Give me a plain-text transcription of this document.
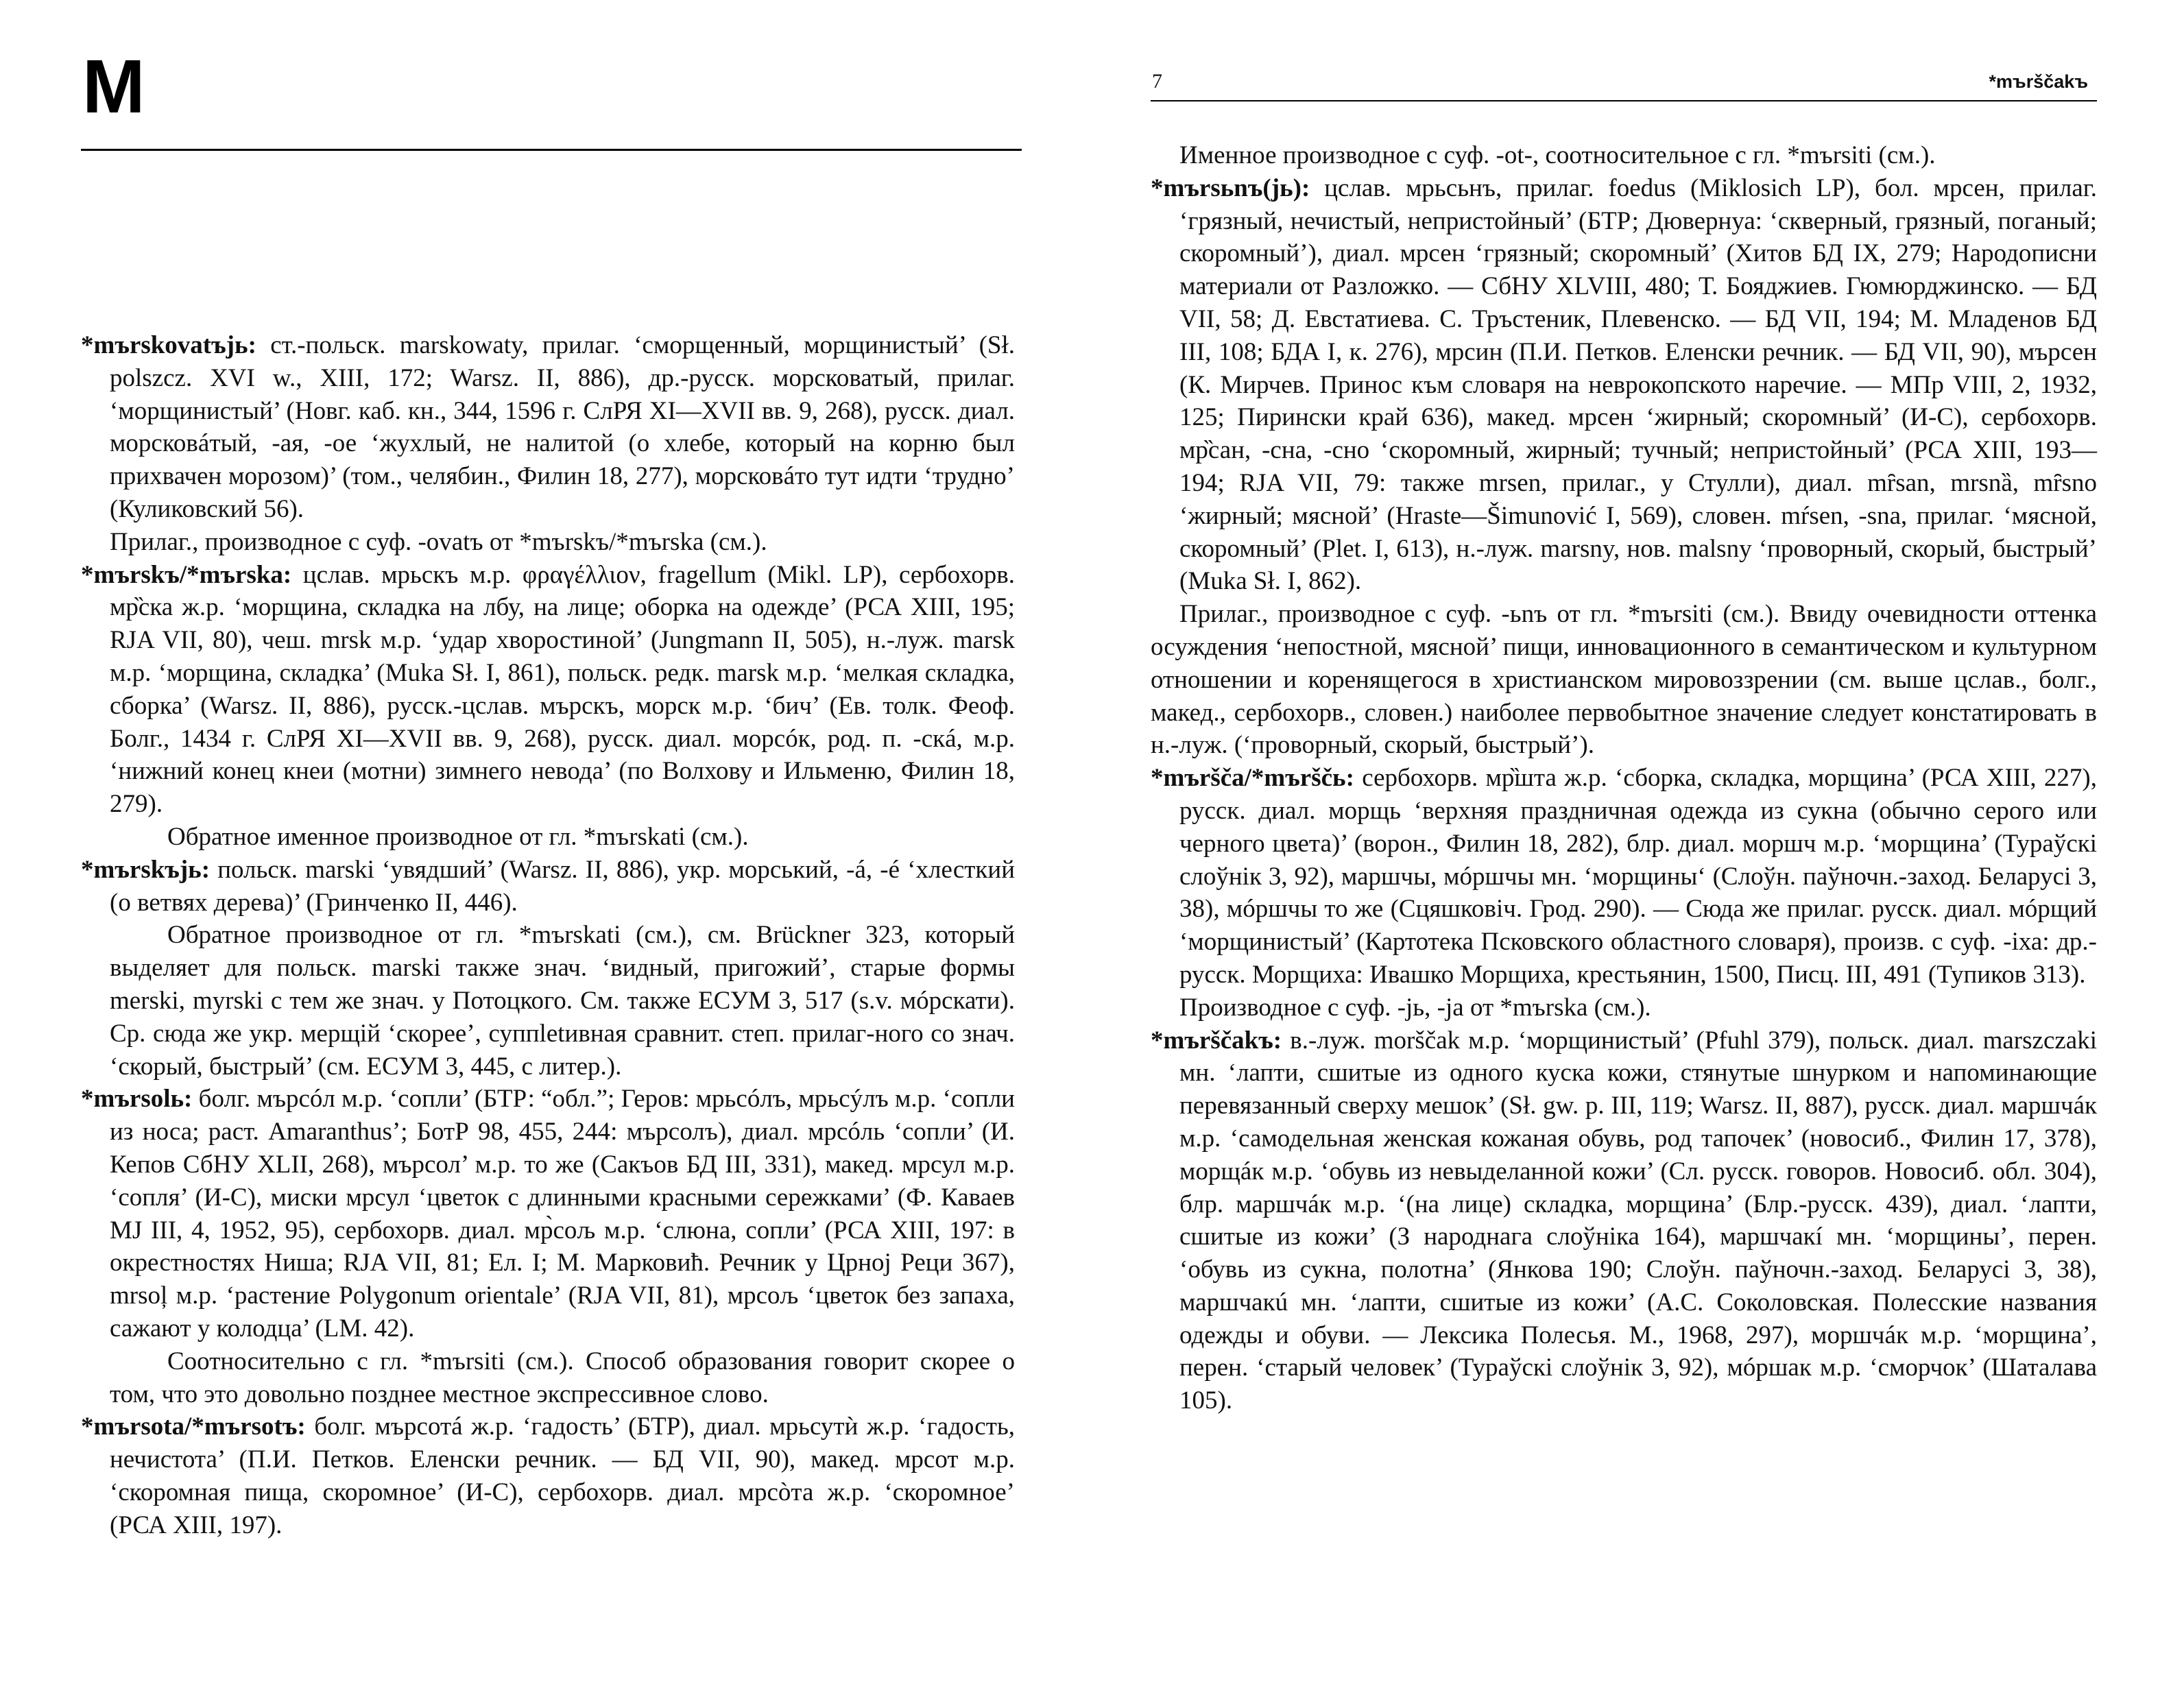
М

*mъrskovatъjь: ст.-польск. marskowaty, прилаг. ‘сморщенный, морщинистый’ (Sł. polszcz. XVI w., XIII, 172; Warsz. II, 886), др.-русск. морсковатый, прилаг. ‘морщинистый’ (Новг. каб. кн., 344, 1596 г. СлРЯ XI—XVII вв. 9, 268), русск. диал. морсковáтый, -ая, -ое ‘жухлый, не налитой (о хлебе, который на корню был прихвачен морозом)’ (том., челябин., Филин 18, 277), морсковáто тут идти ‘трудно’ (Куликовский 56).

Прилаг., производное с суф. -ovatъ от *mъrskъ/*mъrska (см.).

*mъrskъ/*mъrska: цслав. мрьскъ м.р. φραγέλλιον, fragellum (Mikl. LP), сербохорв. мр̏ска ж.р. ‘морщина, складка на лбу, на лице; оборка на одежде’ (РСА XIII, 195; RJA VII, 80), чеш. mrsk м.р. ‘удар хворостиной’ (Jungmann II, 505), н.-луж. marsk м.р. ‘морщина, складка’ (Muka Sł. I, 861), польск. редк. marsk м.р. ‘мелкая складка, сборка’ (Warsz. II, 886), русск.-цслав. мърскъ, морск м.р. ‘бич’ (Ев. толк. Феоф. Болг., 1434 г. СлРЯ XI—XVII вв. 9, 268), русск. диал. морсóк, род. п. -скá, м.р. ‘нижний конец кнеи (мотни) зимнего невода’ (по Волхову и Ильменю, Филин 18, 279).

Обратное именное производное от гл. *mъrskati (см.).

*mъrskъjь: польск. marski ‘увядший’ (Warsz. II, 886), укр. морський, -á, -é ‘хлесткий (о ветвях дерева)’ (Гринченко II, 446).

Обратное производное от гл. *mъrskati (см.), см. Brückner 323, который выделяет для польск. marski также знач. ‘видный, пригожий’, старые формы merski, myrski с тем же знач. у Потоцкого. См. также ЕСУМ 3, 517 (s.v. мóрскати). Ср. сюда же укр. мерщій ‘скорее’, суппletивная сравнит. степ. прилаг-ного со знач. ‘скорый, быстрый’ (см. ЕСУМ 3, 445, с литер.).

*mъrsolь: болг. мърсóл м.р. ‘сопли’ (БТР: “обл.”; Геров: мрьсóлъ, мрьсýлъ м.р. ‘сопли из носа; раст. Amaranthus’; БотР 98, 455, 244: мърсолъ), диал. мрсóль ‘сопли’ (И. Кепов СбНУ XLII, 268), мърсол’ м.р. то же (Сакъов БД III, 331), макед. мрсул м.р. ‘сопля’ (И-С), миски мрсул ‘цветок с длинными красными сережками’ (Ф. Каваев МЈ III, 4, 1952, 95), сербохорв. диал. мр̀сољ м.р. ‘слюна, сопли’ (РСА XIII, 197: в окрестностях Ниша; RJA VII, 81; Ел. I; М. Марковиħ. Речник у Црноj Реци 367), mrsoļ м.р. ‘растение Polygonum orientale’ (RJA VII, 81), мрсољ ‘цветок без запаха, сажают у колодца’ (LM. 42).

Соотносительно с гл. *mъrsiti (см.). Способ образования говорит скорее о том, что это довольно позднее местное экспрессивное слово.

*mъrsota/*mъrsotъ: болг. мърсотá ж.р. ‘гадость’ (БТР), диал. мрьсутѝ ж.р. ‘гадость, нечистота’ (П.И. Петков. Еленски речник. — БД VII, 90), макед. мрсот м.р. ‘скоромная пища, скоромное’ (И-С), сербохорв. диал. мрсòта ж.р. ‘скоромное’ (РСА XIII, 197).

7	*mъrščakъ

Именное производное с суф. -ot-, соотносительное с гл. *mъrsiti (см.).

*mъrsьnъ(jь): цслав. мрьсьнъ, прилаг. foedus (Miklosich LP), бол. мрсен, прилаг. ‘грязный, нечистый, непристойный’ (БТР; Дювернуа: ‘скверный, грязный, поганый; скоромный’), диал. мрсен ‘грязный; скоромный’ (Хитов БД IX, 279; Народописни материали от Разложко. — СбНУ XLVIII, 480; Т. Бояджиев. Гюмюрджинско. — БД VII, 58; Д. Евстатиева. С. Тръстеник, Плевенско. — БД VII, 194; М. Младенов БД III, 108; БДА I, к. 276), мрсин (П.И. Петков. Еленски речник. — БД VII, 90), мърсен (К. Мирчев. Принос към словаря на неврокопското наречие. — МПр VIII, 2, 1932, 125; Пирински край 636), макед. мрсен ‘жирный; скоромный’ (И-С), сербохорв. мр̏сан, -сна, -сно ‘скоромный, жирный; тучный; непристойный’ (РСА XIII, 193—194; RJA VII, 79: также mrsen, прилаг., у Стулли), диал. mȓsan, mrsnȁ, mȓsno ‘жирный; мясной’ (Hraste—Šimunović I, 569), словен. mŕsen, -sna, прилаг. ‘мясной, скоромный’ (Plet. I, 613), н.-луж. marsny, нов. malsny ‘проворный, скорый, быстрый’ (Muka Sł. I, 862).

Прилаг., производное с суф. -ьnъ от гл. *mъrsiti (см.). Ввиду очевидности оттенка осуждения ‘непостной, мясной’ пищи, инновационного в семантическом и культурном отношении и коренящегося в христианском мировоззрении (см. выше цслав., болг., макед., сербохорв., словен.) наиболее первобытное значение следует констатировать в н.-луж. (‘проворный, скорый, быстрый’).

*mъršča/*mъrščь: сербохорв. мр̏шта ж.р. ‘сборка, складка, морщина’ (РСА XIII, 227), русск. диал. морщь ‘верхняя праздничная одежда из сукна (обычно серого или черного цвета)’ (ворон., Филин 18, 282), блр. диал. моршч м.р. ‘морщина’ (Тураўскі слоўнік 3, 92), маршчы, мóршчы мн. ‘морщины‘ (Слоўн. паўночн.-заход. Беларусі 3, 38), мóршчы то же (Сцяшковіч. Грод. 290). — Сюда же прилаг. русск. диал. мóрщий ‘морщинистый’ (Картотека Псковского областного словаря), произв. с суф. -iха: др.-русск. Морщиха: Ивашко Морщиха, крестьянин, 1500, Писц. III, 491 (Тупиков 313).

Производное с суф. -jь, -ja от *mъrska (см.).

*mъrščakъ: в.-луж. morščak м.р. ‘морщинистый’ (Pfuhl 379), польск. диал. marszczaki мн. ‘лапти, сшитые из одного куска кожи, стянутые шнурком и напоминающие перевязанный сверху мешок’ (Sł. gw. p. III, 119; Warsz. II, 887), русск. диал. маршчáк м.р. ‘самодельная женская кожаная обувь, род тапочек’ (новосиб., Филин 17, 378), морщáк м.р. ‘обувь из невыделанной кожи’ (Сл. русск. говоров. Новосиб. обл. 304), блр. маршчáк м.р. ‘(на лице) складка, морщина’ (Блр.-русск. 439), диал. ‘лапти, сшитые из кожи’ (З народнага слоўніка 164), маршчакí мн. ‘морщины’, перен. ‘обувь из сукна, полотна’ (Янкова 190; Слоўн. паўночн.-заход. Беларусі 3, 38), маршчакú мн. ‘лапти, сшитые из кожи’ (А.С. Соколовская. Полесские названия одежды и обуви. — Лексика Полесья. М., 1968, 297), моршчáк м.р. ‘морщина’, перен. ‘старый человек’ (Тураўскі слоўнік 3, 92), мóршак м.р. ‘сморчок’ (Шаталава 105).
